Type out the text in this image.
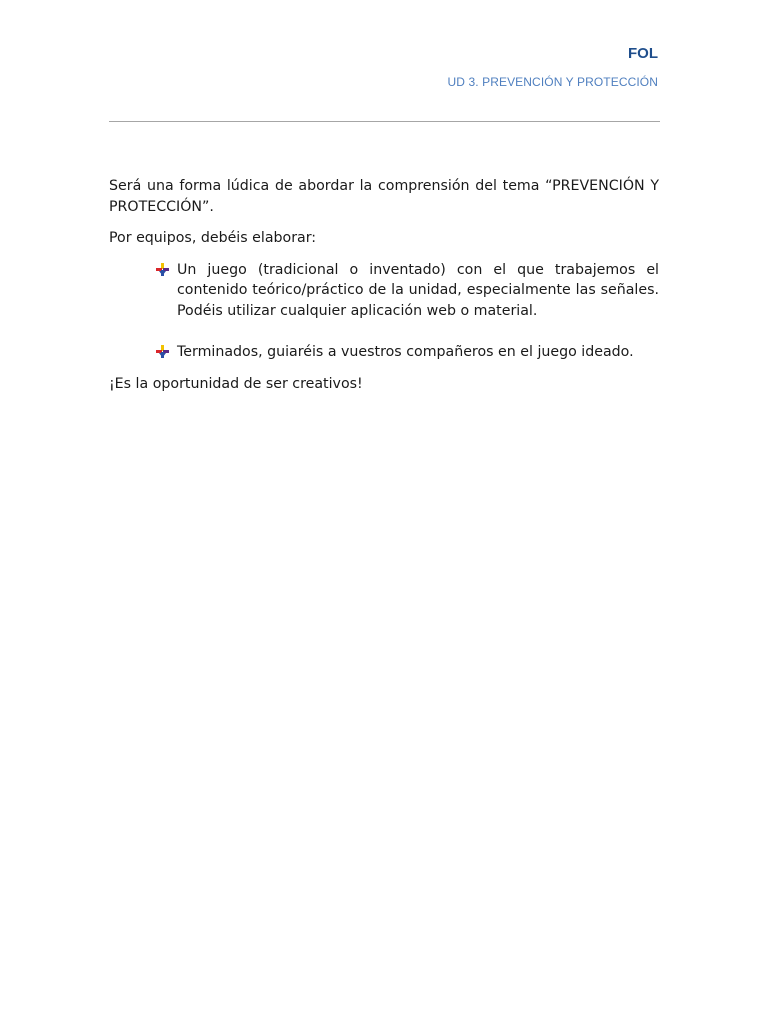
FOL
UD 3. PREVENCIÓN Y PROTECCIÓN

Será una forma lúdica de abordar la comprensión del tema “PREVENCIÓN Y PROTECCIÓN”.

Por equipos, debéis elaborar:

Un juego (tradicional o inventado) con el que trabajemos el contenido teórico/práctico de la unidad, especialmente las señales. Podéis utilizar cualquier aplicación web o material.
Terminados, guiaréis a vuestros compañeros en el juego ideado.

¡Es la oportunidad de ser creativos!
